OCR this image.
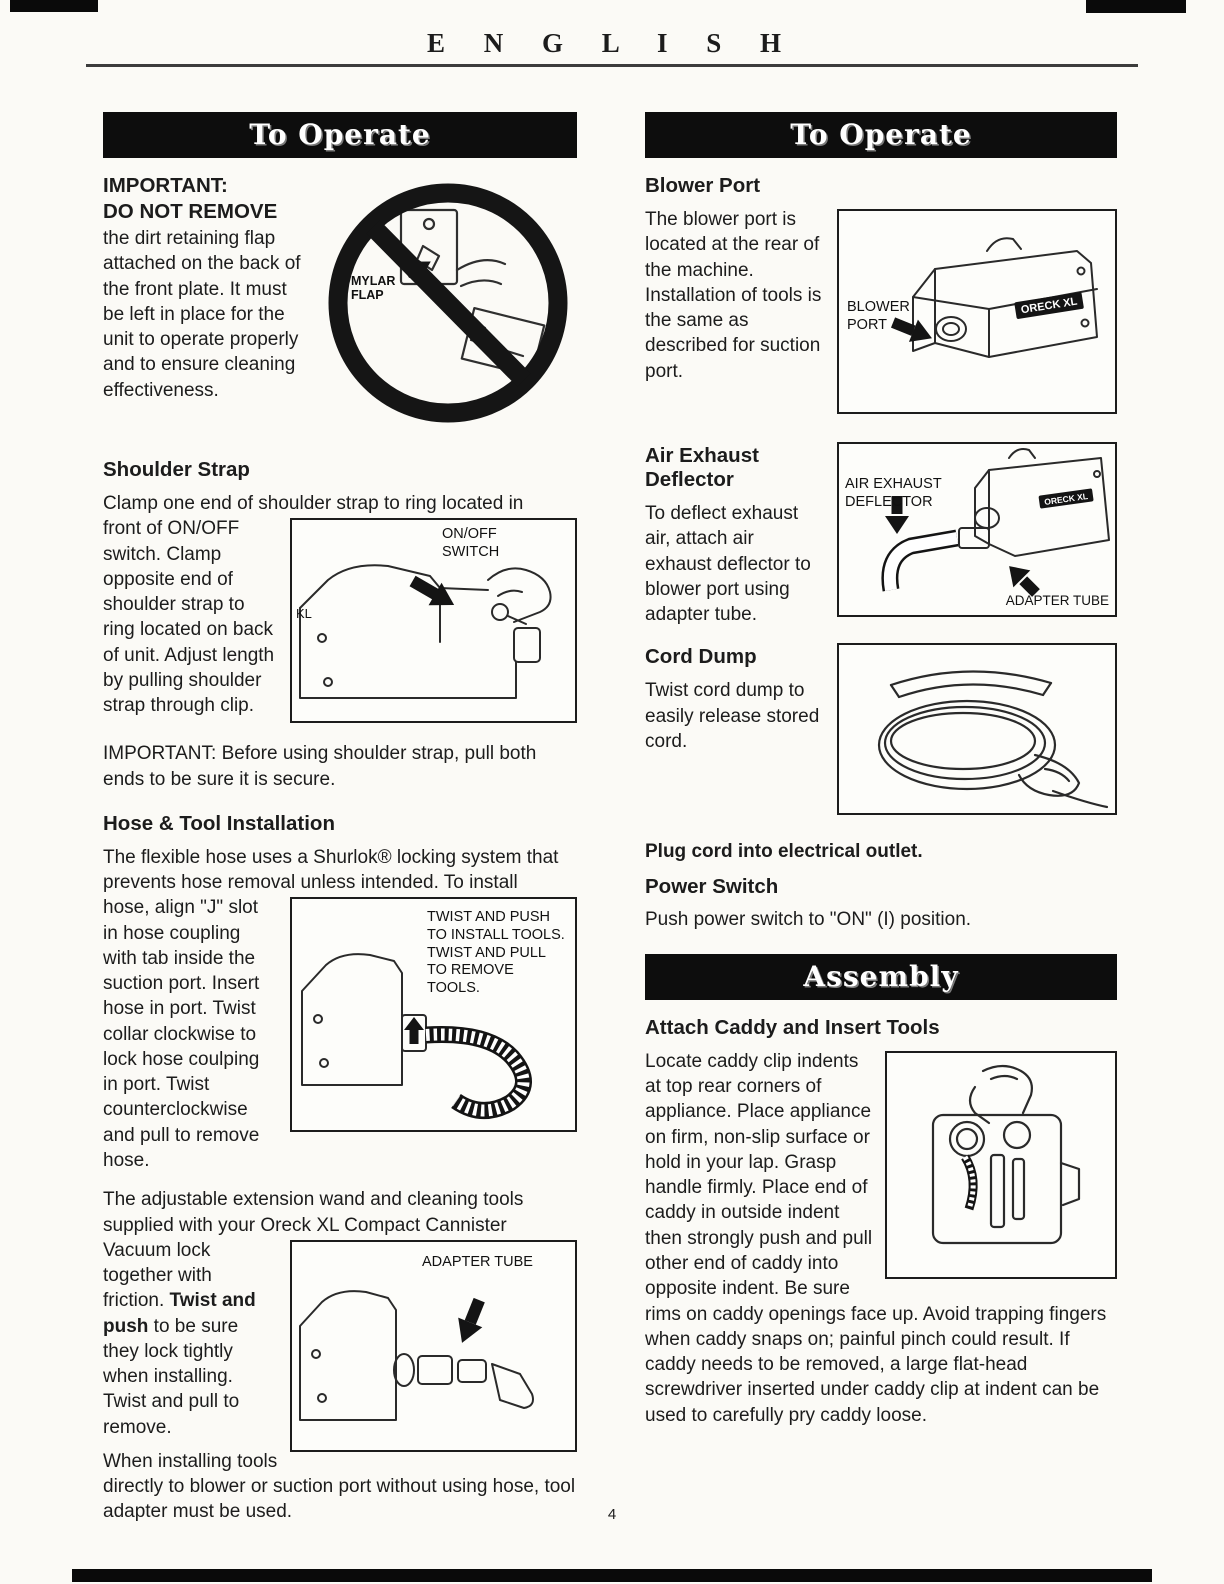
E N G L I S H
To Operate
MYLAR FLAP
IMPORTANT:
DO NOT REMOVE

the dirt retaining flap attached on the back of the front plate. It must be left in place for the unit to operate properly and to ensure cleaning effectiveness.

Shoulder Strap

Clamp one end of shoulder strap to ring located in

ON/OFF SWITCH
KL

front of ON/OFF switch. Clamp opposite end of shoulder strap to ring located on back of unit. Adjust length by pulling shoulder strap through clip.

IMPORTANT: Before using shoulder strap, pull both ends to be sure it is secure.

Hose & Tool Installation

The flexible hose uses a Shurlok® locking system that prevents hose removal unless intended. To install

TWIST AND PUSH TO INSTALL TOOLS. TWIST AND PULL TO REMOVE TOOLS.

hose, align "J" slot in hose coupling with tab inside the suction port. Insert hose in port. Twist collar clockwise to lock hose coulping in port. Twist counterclockwise and pull to remove hose.

The adjustable extension wand and cleaning tools supplied with your Oreck XL Compact Cannister

ADAPTER TUBE

Vacuum lock together with friction. Twist and push to be sure they lock tightly when installing. Twist and pull to remove.

When installing tools directly to blower or suction port without using hose, tool adapter must be used.

To Operate
Blower Port
ORECK XL
BLOWER PORT

The blower port is located at the rear of the machine. Installation of tools is the same as described for suction port.

ORECK XL
AIR EXHAUST DEFLECTOR
ADAPTER TUBE
Air Exhaust Deflector

To deflect exhaust air, attach air exhaust deflector to blower port using adapter tube.

Cord Dump

Twist cord dump to easily release stored cord.

Plug cord into electrical outlet.

Power Switch

Push power switch to "ON" (I) position.

Assembly
Attach Caddy and Insert Tools

Locate caddy clip indents at top rear corners of appliance. Place appliance on firm, non-slip surface or hold in your lap. Grasp handle firmly. Place end of caddy in outside indent then strongly push and pull other end of caddy into opposite indent. Be sure rims on caddy openings face up. Avoid trapping fingers when caddy snaps on; painful pinch could result. If caddy needs to be removed, a large flat-head screwdriver inserted under caddy clip at indent can be used to carefully pry caddy loose.

4
